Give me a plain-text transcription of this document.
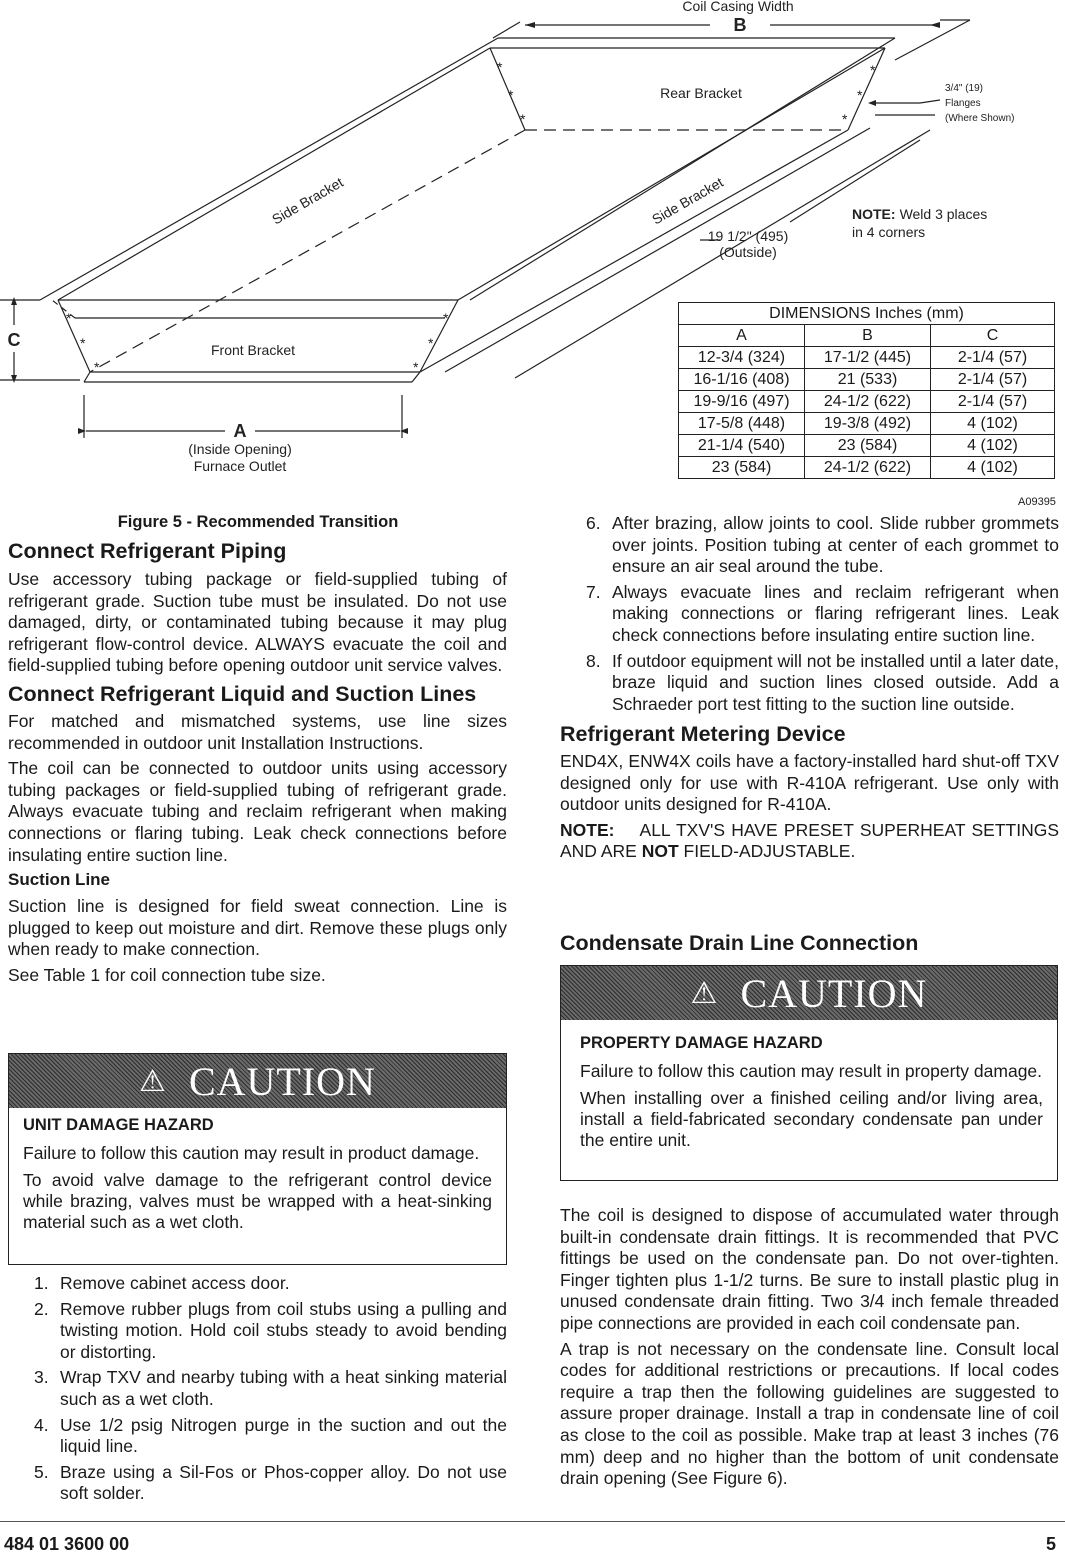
Coil Casing Width
B
Rear Bracket	3/4" (19)
Flanges
(Where Shown)
Side Bracket	Side Bracket	NOTE: Weld 3 places
in 4 corners
19 1/2" (495)
(Outside)
C	Front Bracket
A
(Inside Opening)
Furnace Outlet
*
*
*
*
*
*
*
*
*
*
*
*
DIMENSIONS Inches (mm)		
A	B	C
12-3/4 (324)	17-1/2 (445)	2-1/4 (57)
16-1/16 (408)	21 (533)	2-1/4 (57)
19-9/16 (497)	24-1/2 (622)	2-1/4 (57)
17-5/8 (448)	19-3/8 (492)	4 (102)
21-1/4 (540)	23 (584)	4 (102)
23 (584)	24-1/2 (622)	4 (102)
A09395
Figure 5 - Recommended Transition
Connect Refrigerant Piping

Use accessory tubing package or field-supplied tubing of refrigerant grade. Suction tube must be insulated. Do not use damaged, dirty, or contaminated tubing because it may plug refrigerant flow-control device. ALWAYS evacuate the coil and field-supplied tubing before opening outdoor unit service valves.

Connect Refrigerant Liquid and Suction Lines

For matched and mismatched systems, use line sizes recommended in outdoor unit Installation Instructions.

The coil can be connected to outdoor units using accessory tubing packages or field-supplied tubing of refrigerant grade. Always evacuate tubing and reclaim refrigerant when making connections or flaring tubing. Leak check connections before insulating entire suction line.

Suction Line

Suction line is designed for field sweat connection. Line is plugged to keep out moisture and dirt. Remove these plugs only when ready to make connection.

See Table 1 for coil connection tube size.

⚠ CAUTION
UNIT DAMAGE HAZARD

Failure to follow this caution may result in product damage.

To avoid valve damage to the refrigerant control device while brazing, valves must be wrapped with a heat-sinking material such as a wet cloth.

1. Remove cabinet access door.
2. Remove rubber plugs from coil stubs using a pulling and twisting motion. Hold coil stubs steady to avoid bending or distorting.
3. Wrap TXV and nearby tubing with a heat sinking material such as a wet cloth.
4. Use 1/2 psig Nitrogen purge in the suction and out the liquid line.
5. Braze using a Sil-Fos or Phos-copper alloy. Do not use soft solder.
6. After brazing, allow joints to cool. Slide rubber grommets over joints. Position tubing at center of each grommet to ensure an air seal around the tube.
7. Always evacuate lines and reclaim refrigerant when making connections or flaring refrigerant lines. Leak check connections before insulating entire suction line.
8. If outdoor equipment will not be installed until a later date, braze liquid and suction lines closed outside. Add a Schraeder port test fitting to the suction line outside.
Refrigerant Metering Device

END4X, ENW4X coils have a factory-installed hard shut-off TXV designed only for use with R-410A refrigerant. Use only with outdoor units designed for R-410A.

NOTE: ALL TXV'S HAVE PRESET SUPERHEAT SETTINGS AND ARE NOT FIELD-ADJUSTABLE.

Condensate Drain Line Connection
⚠ CAUTION
PROPERTY DAMAGE HAZARD

Failure to follow this caution may result in property damage.

When installing over a finished ceiling and/or living area, install a field-fabricated secondary condensate pan under the entire unit.

The coil is designed to dispose of accumulated water through built-in condensate drain fittings. It is recommended that PVC fittings be used on the condensate pan. Do not over-tighten. Finger tighten plus 1-1/2 turns. Be sure to install plastic plug in unused condensate drain fitting. Two 3/4 inch female threaded pipe connections are provided in each coil condensate pan.

A trap is not necessary on the condensate line. Consult local codes for additional restrictions or precautions. If local codes require a trap then the following guidelines are suggested to assure proper drainage. Install a trap in condensate line of coil as close to the coil as possible. Make trap at least 3 inches (76 mm) deep and no higher than the bottom of unit condensate drain opening (See Figure 6).

484 01 3600 00	5
